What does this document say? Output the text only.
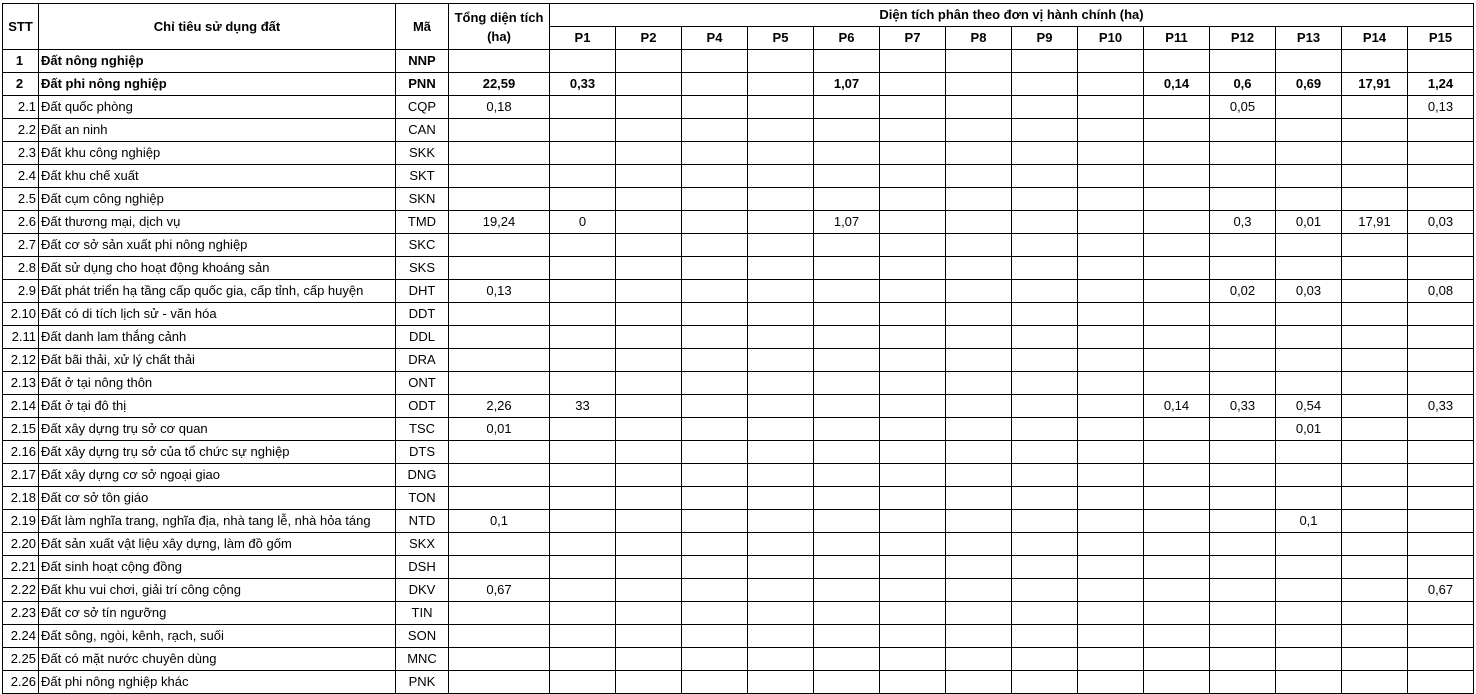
STT	Chỉ tiêu sử dụng đất	Mã	Tổng diện tích (ha)	Diện tích phân theo đơn vị hành chính (ha)													
				P1	P2	P4	P5	P6	P7	P8	P9	P10	P11	P12	P13	P14	P15
1	Đất nông nghiệp	NNP															
2	Đất phi nông nghiệp	PNN	22,59	0,33				1,07					0,14	0,6	0,69	17,91	1,24
2.1	Đất quốc phòng	CQP	0,18											0,05			0,13
2.2	Đất an ninh	CAN															
2.3	Đất khu công nghiệp	SKK															
2.4	Đất khu chế xuất	SKT															
2.5	Đất cụm công nghiệp	SKN															
2.6	Đất thương mại, dịch vụ	TMD	19,24	0				1,07						0,3	0,01	17,91	0,03
2.7	Đất cơ sở sản xuất phi nông nghiệp	SKC															
2.8	Đất sử dụng cho hoạt động khoáng sản	SKS															
2.9	Đất phát triển hạ tầng cấp quốc gia, cấp tỉnh, cấp huyện	DHT	0,13											0,02	0,03		0,08
2.10	Đất có di tích lịch sử - văn hóa	DDT															
2.11	Đất danh lam thắng cảnh	DDL															
2.12	Đất bãi thải, xử lý chất thải	DRA															
2.13	Đất ở tại nông thôn	ONT															
2.14	Đất ở tại đô thị	ODT	2,26	33									0,14	0,33	0,54		0,33
2.15	Đất xây dựng trụ sở cơ quan	TSC	0,01												0,01		
2.16	Đất xây dựng trụ sở của tổ chức sự nghiệp	DTS															
2.17	Đất xây dựng cơ sở ngoại giao	DNG															
2.18	Đất cơ sở tôn giáo	TON															
2.19	Đất làm nghĩa trang, nghĩa địa, nhà tang lễ, nhà hỏa táng	NTD	0,1												0,1		
2.20	Đất sản xuất vật liệu xây dựng, làm đồ gốm	SKX															
2.21	Đất sinh hoạt cộng đồng	DSH															
2.22	Đất khu vui chơi, giải trí công cộng	DKV	0,67														0,67
2.23	Đất cơ sở tín ngưỡng	TIN															
2.24	Đất sông, ngòi, kênh, rạch, suối	SON															
2.25	Đất có mặt nước chuyên dùng	MNC															
2.26	Đất phi nông nghiệp khác	PNK															
